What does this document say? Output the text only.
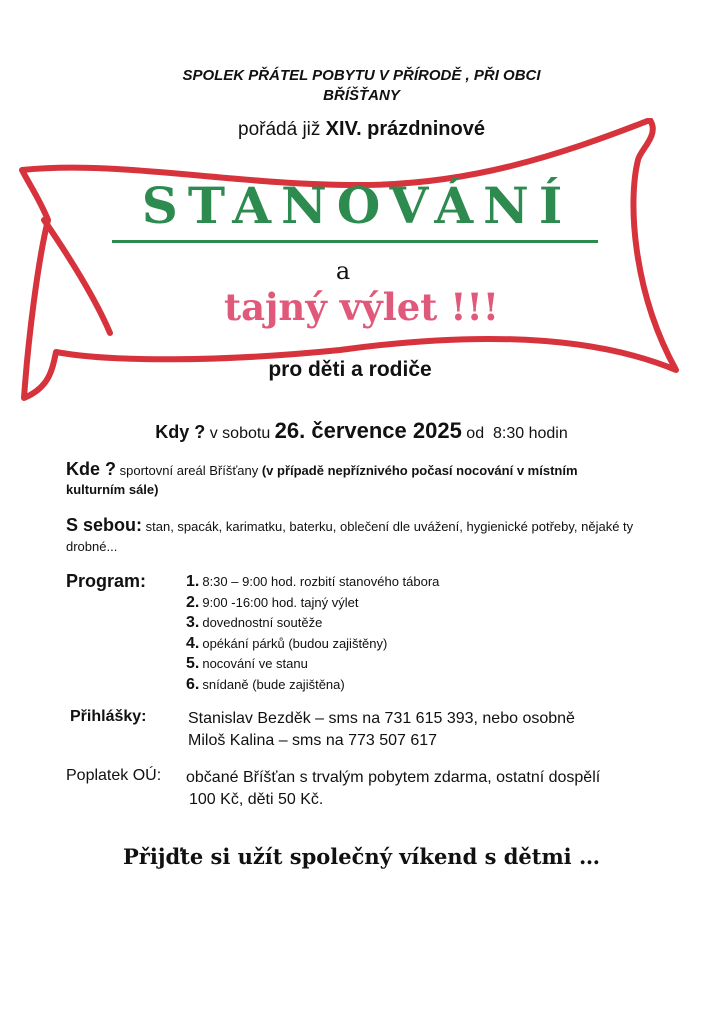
SPOLEK PŘÁTEL POBYTU V PŘÍRODĚ , PŘI OBCI
BŘÍŠŤANY
pořádá již XIV. prázdninové
STANOVÁNÍ
a
tajný výlet !!!
pro děti a rodiče
Kdy ? v sobotu 26. července 2025 od 8:30 hodin
Kde ? sportovní areál Bříšťany (v případě nepříznivého počasí nocování v místním kulturním sále)
S sebou: stan, spacák, karimatku, baterku, oblečení dle uvážení, hygienické potřeby, nějaké ty drobné...
Program: 1. 8:30 – 9:00 hod. rozbití stanového tábora
2. 9:00 -16:00 hod. tajný výlet
3. dovednostní soutěže
4. opékání párků (budou zajištěny)
5. nocování ve stanu
6. snídaně (bude zajištěna)
Přihlášky:	Stanislav Bezděk – sms na 731 615 393, nebo osobně
Miloš Kalina – sms na 773 507 617
Poplatek OÚ: občané Bříšťan s trvalým pobytem zdarma, ostatní dospělí
100 Kč, děti 50 Kč.
Přijďte si užít společný víkend s dětmi …
